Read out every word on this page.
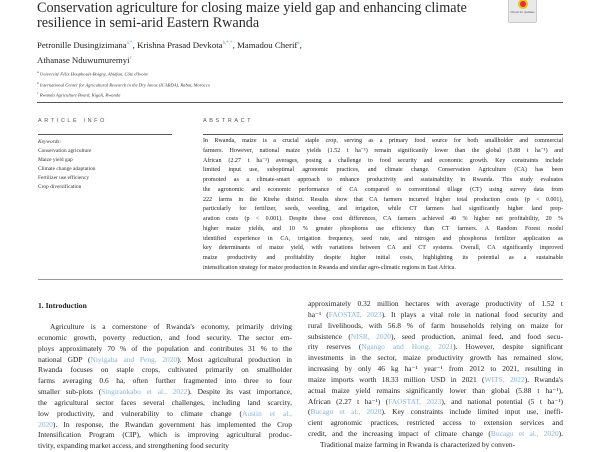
Conservation agriculture for closing maize yield gap and enhancing climate
resilience in semi-arid Eastern Rwanda
Check for updates
Petronille Dusingizimana$^{a,*}$, Krishna Prasad Devkota$^{b,*,*}$, Mamadou Cherif$^a$,
Athanase Nduwumuremyi$^c$
$^a$ Université Félix Houphouët-Boigny, Abidjan, Côte d'Ivoire
$^b$ International Center for Agricultural Research in the Dry Areas (ICARDA), Rabat, Morocco
$^c$ Rwanda Agriculture Board, Kigali, Rwanda
ARTICLE INFO	ABSTRACT
Keywords:
Conservation agriculture
Maize yield gap
Climate change adaptation
Fertilizer use efficiency
Crop diversification
In Rwanda, maize is a crucial staple crop, serving as a primary food source for both smallholder and commercial
farmers. However, national maize yields (1.52 t ha⁻¹) remain significantly lower than the global (5.88 t ha⁻¹) and
African (2.27 t ha⁻¹) averages, posing a challenge to food security and economic growth. Key constraints include
limited input use, suboptimal agronomic practices, and climate change. Conservation Agriculture (CA) has been
promoted as a climate-smart approach to enhance productivity and sustainability in Rwanda. This study evaluates
the agronomic and economic performance of CA compared to conventional tillage (CT) using survey data from
222 farms in the Kirehe district. Results show that CA farmers incurred higher total production costs (p < 0.001),
particularly for fertilizer, seeds, weeding, and irrigation, while CT farmers had significantly higher land prep-
aration costs (p < 0.001). Despite these cost differences, CA farmers achieved 40 % higher net profitability, 20 %
higher maize yields, and 10 % greater phosphorus use efficiency than CT farmers. A Random Forest model
identified experience in CA, irrigation frequency, seed rate, and nitrogen and phosphorus fertilizer application as
key determinants of maize yield, with variations between CA and CT systems. Overall, CA significantly improved
maize productivity and profitability despite higher initial costs, highlighting its potential as a sustainable
intensification strategy for maize production in Rwanda and similar agro-climatic regions in East Africa.
1. Introduction
Agriculture is a cornerstone of Rwanda's economy, primarily driving
economic growth, poverty reduction, and food security. The sector em-
ploys approximately 70 % of the population and contributes 31 % to the
national GDP (Niyigaba and Peng, 2020). Most agricultural production in
Rwanda focuses on staple crops, cultivated primarily on smallholder
farms averaging 0.6 ha, often further fragmented into three to four
smaller sub-plots (Singirankabo et al., 2022). Despite its vast importance,
the agricultural sector faces several challenges, including land scarcity,
low productivity, and vulnerability to climate change (Austin et al.,
2020). In response, the Rwandan government has implemented the Crop
Intensification Program (CIP), which is improving agricultural produc-
tivity, expanding market access, and strengthening food security
approximately 0.32 million hectares with average productivity of 1.52 t
ha⁻¹ (FAOSTAT, 2023). It plays a vital role in national food security and
rural livelihoods, with 56.8 % of farm households relying on maize for
subsistence (NISR, 2020), seed production, animal feed, and food secu-
rity reserves (Ngango and Hong, 2021). However, despite significant
investments in the sector, maize productivity growth has remained slow,
increasing by only 46 kg ha⁻¹ year⁻¹ from 2012 to 2021, resulting in
maize imports worth 18.33 million USD in 2021 (WITS, 2022). Rwanda's
actual maize yield remains significantly lower than global (5.88 t ha⁻¹),
African (2.27 t ha⁻¹) (FAOSTAT, 2023), and national potential (5 t ha⁻¹)
(Bucagu et al., 2020). Key constraints include limited input use, ineffi-
cient agronomic practices, restricted access to extension services and
credit, and the increasing impact of climate change (Bucagu et al., 2020).
Traditional maize farming in Rwanda is characterized by conven-
